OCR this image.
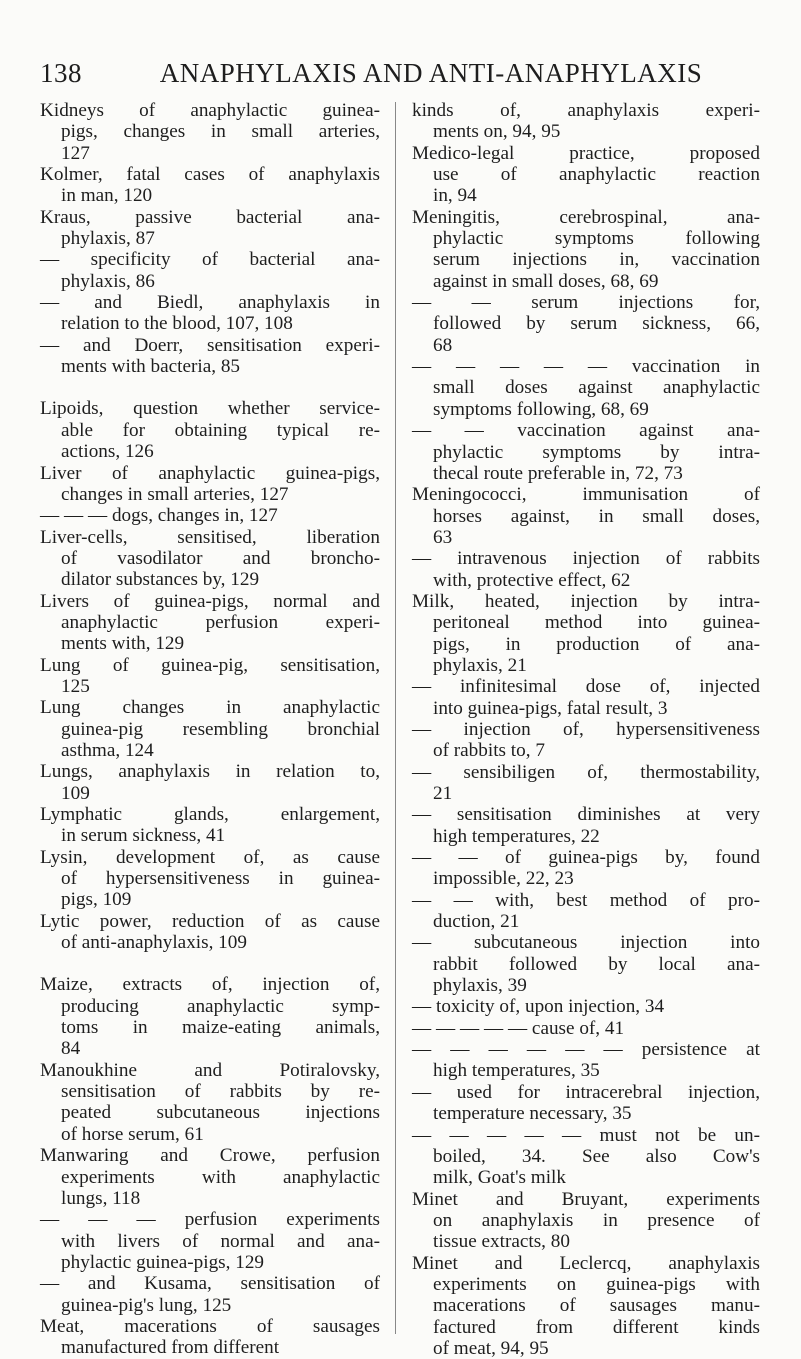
138	ANAPHYLAXIS AND ANTI-ANAPHYLAXIS
Kidneys of anaphylactic guinea-
pigs, changes in small arteries,
127
Kolmer, fatal cases of anaphylaxis
in man, 120
Kraus, passive bacterial ana-
phylaxis, 87
— specificity of bacterial ana-
phylaxis, 86
— and Biedl, anaphylaxis in
relation to the blood, 107, 108
— and Doerr, sensitisation experi-
ments with bacteria, 85
Lipoids, question whether service-
able for obtaining typical re-
actions, 126
Liver of anaphylactic guinea-pigs,
changes in small arteries, 127
— — — dogs, changes in, 127
Liver-cells, sensitised, liberation
of vasodilator and broncho-
dilator substances by, 129
Livers of guinea-pigs, normal and
anaphylactic perfusion experi-
ments with, 129
Lung of guinea-pig, sensitisation,
125
Lung changes in anaphylactic
guinea-pig resembling bronchial
asthma, 124
Lungs, anaphylaxis in relation to,
109
Lymphatic glands, enlargement,
in serum sickness, 41
Lysin, development of, as cause
of hypersensitiveness in guinea-
pigs, 109
Lytic power, reduction of as cause
of anti-anaphylaxis, 109
Maize, extracts of, injection of,
producing anaphylactic symp-
toms in maize-eating animals,
84
Manoukhine and Potiralovsky,
sensitisation of rabbits by re-
peated subcutaneous injections
of horse serum, 61
Manwaring and Crowe, perfusion
experiments with anaphylactic
lungs, 118
— — — perfusion experiments
with livers of normal and ana-
phylactic guinea-pigs, 129
— and Kusama, sensitisation of
guinea-pig's lung, 125
Meat, macerations of sausages
manufactured from different
kinds of, anaphylaxis experi-
ments on, 94, 95
Medico-legal practice, proposed
use of anaphylactic reaction
in, 94
Meningitis, cerebrospinal, ana-
phylactic symptoms following
serum injections in, vaccination
against in small doses, 68, 69
— — serum injections for,
followed by serum sickness, 66,
68
— — — — — vaccination in
small doses against anaphylactic
symptoms following, 68, 69
— — vaccination against ana-
phylactic symptoms by intra-
thecal route preferable in, 72, 73
Meningococci, immunisation of
horses against, in small doses,
63
— intravenous injection of rabbits
with, protective effect, 62
Milk, heated, injection by intra-
peritoneal method into guinea-
pigs, in production of ana-
phylaxis, 21
— infinitesimal dose of, injected
into guinea-pigs, fatal result, 3
— injection of, hypersensitiveness
of rabbits to, 7
— sensibiligen of, thermostability,
21
— sensitisation diminishes at very
high temperatures, 22
— — of guinea-pigs by, found
impossible, 22, 23
— — with, best method of pro-
duction, 21
— subcutaneous injection into
rabbit followed by local ana-
phylaxis, 39
— toxicity of, upon injection, 34
— — — — — cause of, 41
— — — — — — persistence at
high temperatures, 35
— used for intracerebral injection,
temperature necessary, 35
— — — — — must not be un-
boiled, 34. See also Cow's
milk, Goat's milk
Minet and Bruyant, experiments
on anaphylaxis in presence of
tissue extracts, 80
Minet and Leclercq, anaphylaxis
experiments on guinea-pigs with
macerations of sausages manu-
factured from different kinds
of meat, 94, 95
